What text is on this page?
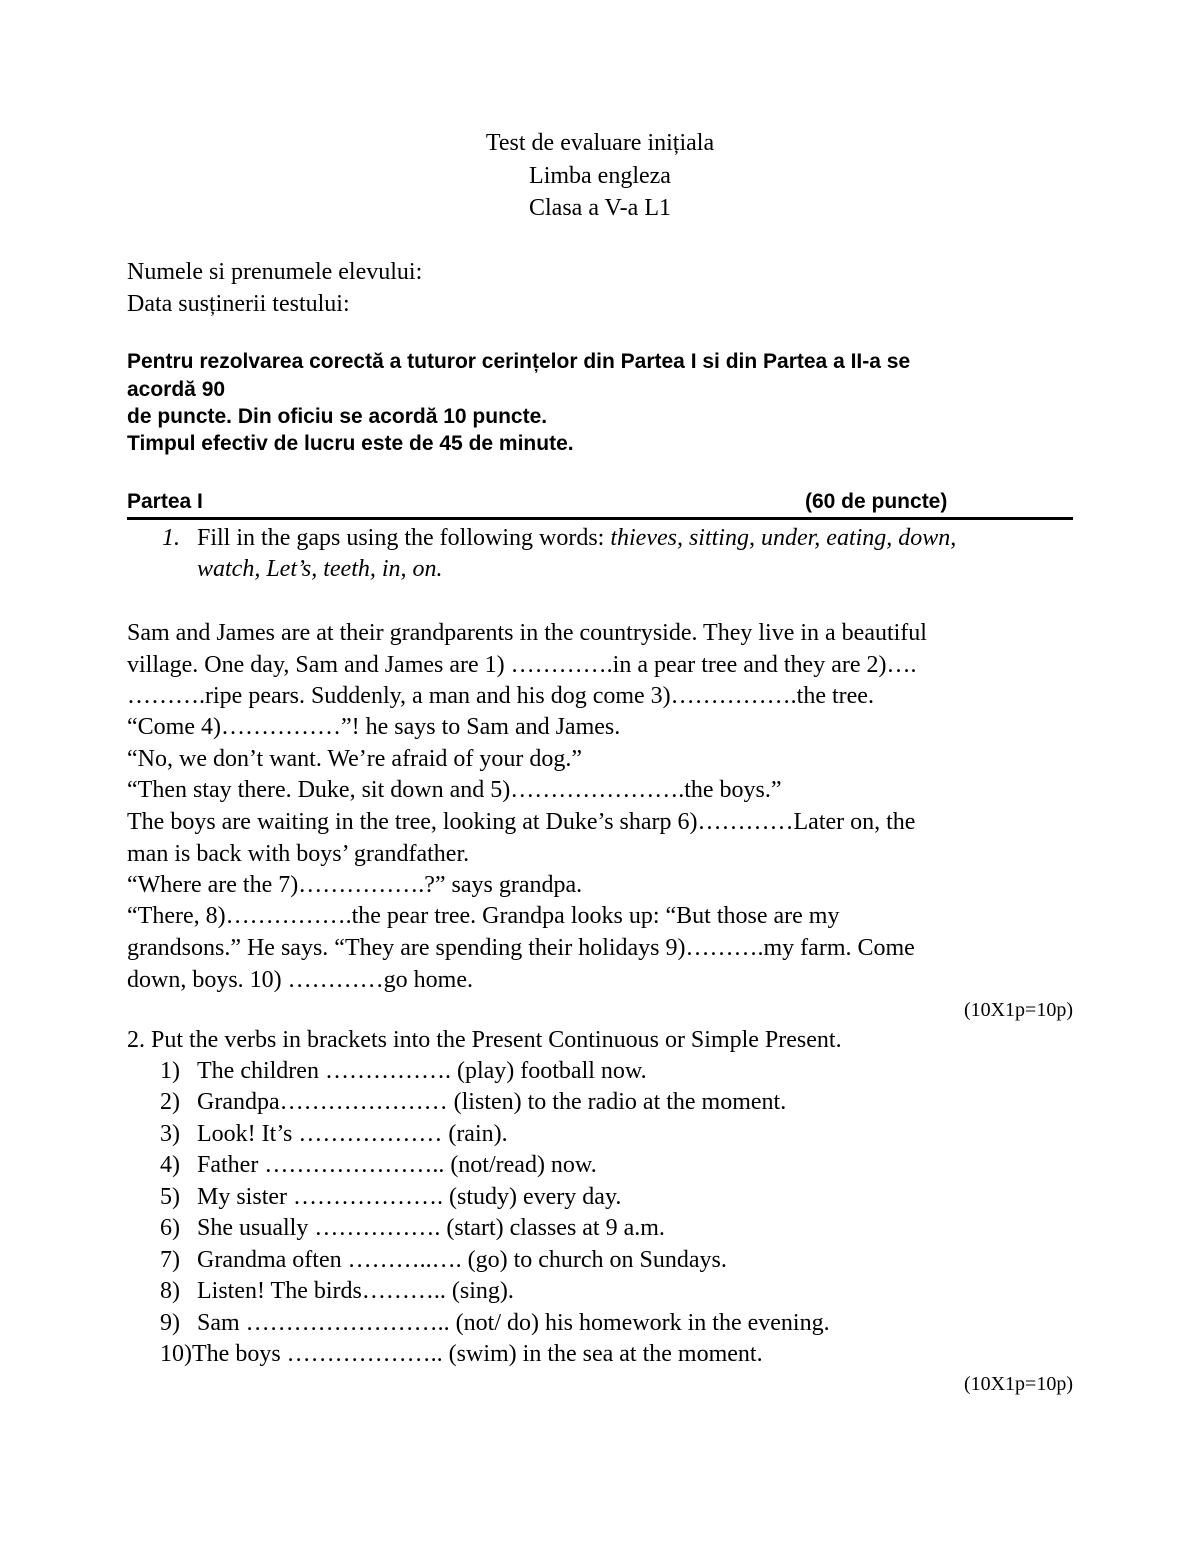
Test de evaluare inițiala
Limba engleza
Clasa a V-a L1
Numele si prenumele elevului:
Data susținerii testului:
Pentru rezolvarea corectă a tuturor cerințelor din Partea I si din Partea a II-a se
acordă 90
de puncte. Din oficiu se acordă 10 puncte.
Timpul efectiv de lucru este de 45 de minute.
Partea I	(60 de puncte)
1. Fill in the gaps using the following words: thieves, sitting, under, eating, down,
watch, Let’s, teeth, in, on.
Sam and James are at their grandparents in the countryside. They live in a beautiful
village. One day, Sam and James are 1) ………….in a pear tree and they are 2)….
……….ripe pears. Suddenly, a man and his dog come 3)…………….the tree.
“Come 4)……………”! he says to Sam and James.
“No, we don’t want. We’re afraid of your dog.”
“Then stay there. Duke, sit down and 5)………………….the boys.”
The boys are waiting in the tree, looking at Duke’s sharp 6)…………Later on, the
man is back with boys’ grandfather.
“Where are the 7)…………….?” says grandpa.
“There, 8)…………….the pear tree. Grandpa looks up: “But those are my
grandsons.” He says. “They are spending their holidays 9)……….my farm. Come
down, boys. 10) …………go home.
(10X1p=10p)
2. Put the verbs in brackets into the Present Continuous or Simple Present.
1) The children ……………. (play) football now.
2) Grandpa………………… (listen) to the radio at the moment.
3) Look! It’s ……………… (rain).
4) Father ………………….. (not/read) now.
5) My sister ………………. (study) every day.
6) She usually ……………. (start) classes at 9 a.m.
7) Grandma often ………..…. (go) to church on Sundays.
8) Listen! The birds……….. (sing).
9) Sam …………………….. (not/ do) his homework in the evening.
10)The boys ……………….. (swim) in the sea at the moment.
(10X1p=10p)
